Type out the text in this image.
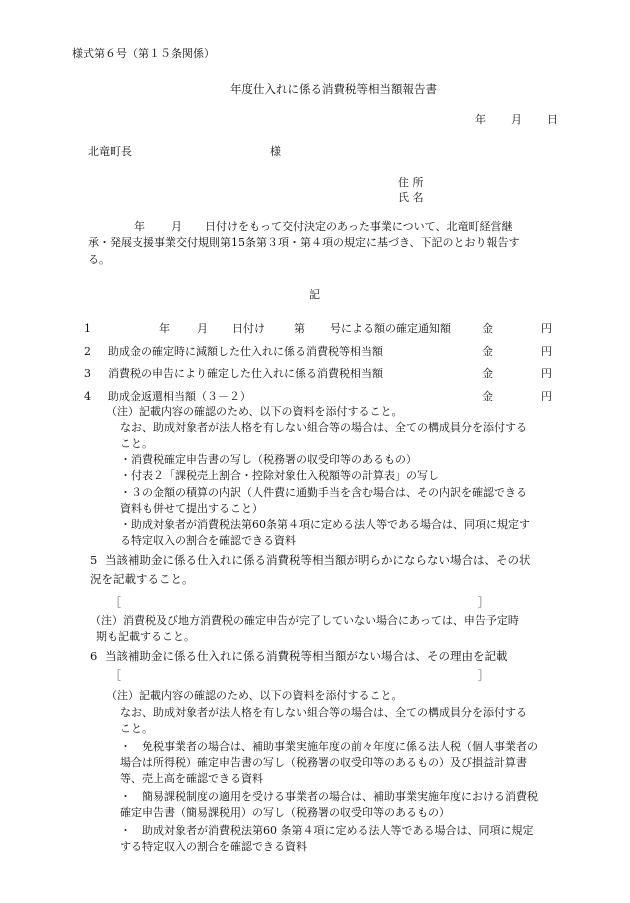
様式第６号（第１５条関係）
年度仕入れに係る消費税等相当額報告書
年 月 日
北竜町長	様
住 所
氏 名
年 月 日付けをもって交付決定のあった事業について、北竜町経営継
承・発展支援事業交付規則第15条第３項・第４項の規定に基づき、下記のとおり報告す
る。
記
1	年 月 日付け	第 号による額の確定通知額	金	円
2 助成金の確定時に減額した仕入れに係る消費税等相当額	金	円
3 消費税の申告により確定した仕入れに係る消費税相当額	金	円
4 助成金返還相当額（３－２）	金	円
（注）記載内容の確認のため、以下の資料を添付すること。
なお、助成対象者が法人格を有しない組合等の場合は、全ての構成員分を添付する
こと。
・消費税確定申告書の写し（税務署の収受印等のあるもの）
・付表２「課税売上割合・控除対象仕入税額等の計算表」の写し
・３の金額の積算の内訳（人件費に通勤手当を含む場合は、その内訳を確認できる
資料も併せて提出すること）
・助成対象者が消費税法第60条第４項に定める法人等である場合は、同項に規定す
る特定収入の割合を確認できる資料
5 当該補助金に係る仕入れに係る消費税等相当額が明らかにならない場合は、その状
況を記載すること。
［	］
（注）消費税及び地方消費税の確定申告が完了していない場合にあっては、申告予定時
期も記載すること。
6 当該補助金に係る仕入れに係る消費税等相当額がない場合は、その理由を記載
［	］
（注）記載内容の確認のため、以下の資料を添付すること。
なお、助成対象者が法人格を有しない組合等の場合は、全ての構成員分を添付する
こと。
・　免税事業者の場合は、補助事業実施年度の前々年度に係る法人税（個人事業者の
場合は所得税）確定申告書の写し（税務署の収受印等のあるもの）及び損益計算書
等、売上高を確認できる資料
・　簡易課税制度の適用を受ける事業者の場合は、補助事業実施年度における消費税
確定申告書（簡易課税用）の写し（税務署の収受印等のあるもの）
・　助成対象者が消費税法第60 条第４項に定める法人等である場合は、同項に規定
する特定収入の割合を確認できる資料
